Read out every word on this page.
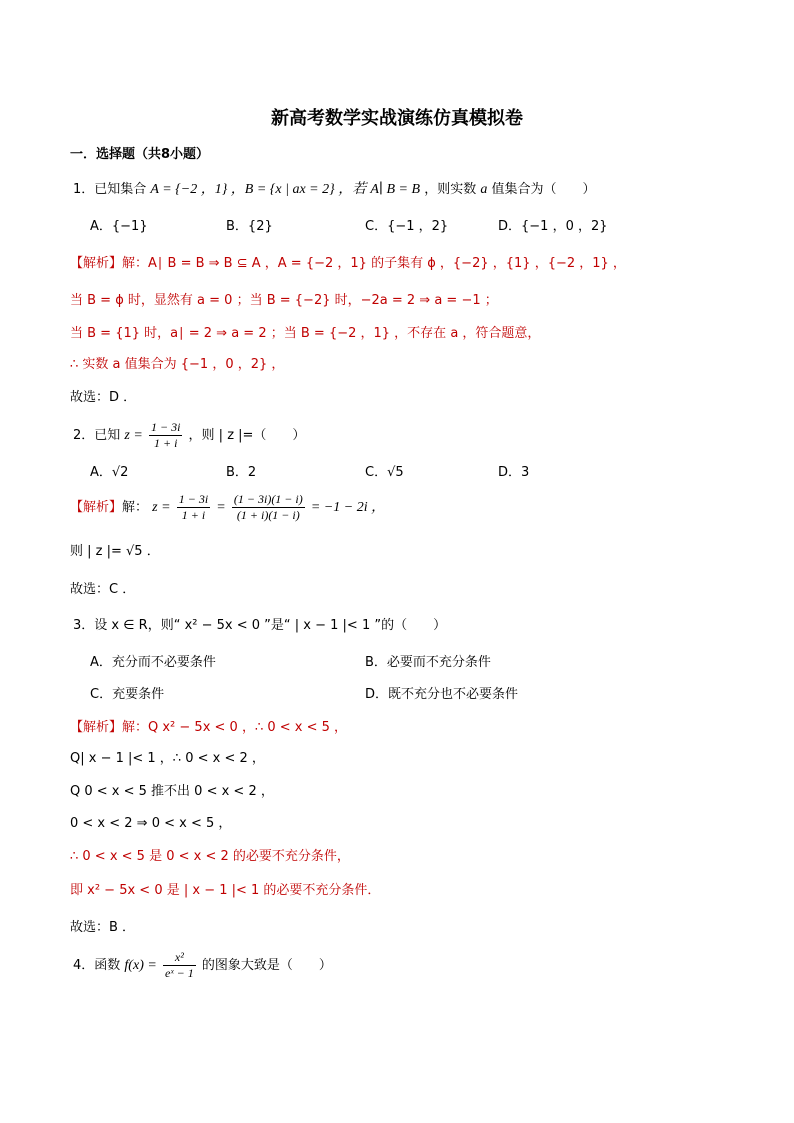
新高考数学实战演练仿真模拟卷
一．选择题（共8小题）
1．已知集合 A = {−2 ，1} ，B = {x | ax = 2} ，若 A∣ B = B ，则实数 a 值集合为（　　）
A．{−1}	B．{2}	C．{−1 ，2}	D．{−1 ，0 ，2}
【解析】解：A∣ B = B ⇒ B ⊆ A ，A = {−2 ，1} 的子集有 ϕ ，{−2} ，{1} ，{−2 ，1} ，
当 B = ϕ 时，显然有 a = 0 ；当 B = {−2} 时，−2a = 2 ⇒ a = −1 ；
当 B = {1} 时，a∣ = 2 ⇒ a = 2 ；当 B = {−2 ，1} ，不存在 a ，符合题意，
∴ 实数 a 值集合为 {−1 ，0 ，2} ，
故选：D ．
2．已知 $z = \frac{1 - 3i}{1 + i}$ ，则 | z |=（　　）
A．√2	B．2	C．√5	D．3
【解析】解： $z = \frac{1 - 3i}{1 + i} = \frac{(1 - 3i)(1 - i)}{(1 + i)(1 - i)} = -1 - 2i$ ，
则 | z |= √5 ．
故选：C ．
3．设 x ∈ R，则“ x² − 5x < 0 ”是“ | x − 1 |< 1 ”的（　　）
A．充分而不必要条件	B．必要而不充分条件
C．充要条件	D．既不充分也不必要条件
【解析】解：Q x² − 5x < 0 ，∴ 0 < x < 5 ，
Q| x − 1 |< 1 ，∴ 0 < x < 2 ，
Q 0 < x < 5 推不出 0 < x < 2 ，
0 < x < 2 ⇒ 0 < x < 5 ，
∴ 0 < x < 5 是 0 < x < 2 的必要不充分条件，
即 x² − 5x < 0 是 | x − 1 |< 1 的必要不充分条件．
故选：B ．
4．函数 $f(x) = \frac{\text{x²}}{\text{eˣ − 1}}$ 的图象大致是（　　）
